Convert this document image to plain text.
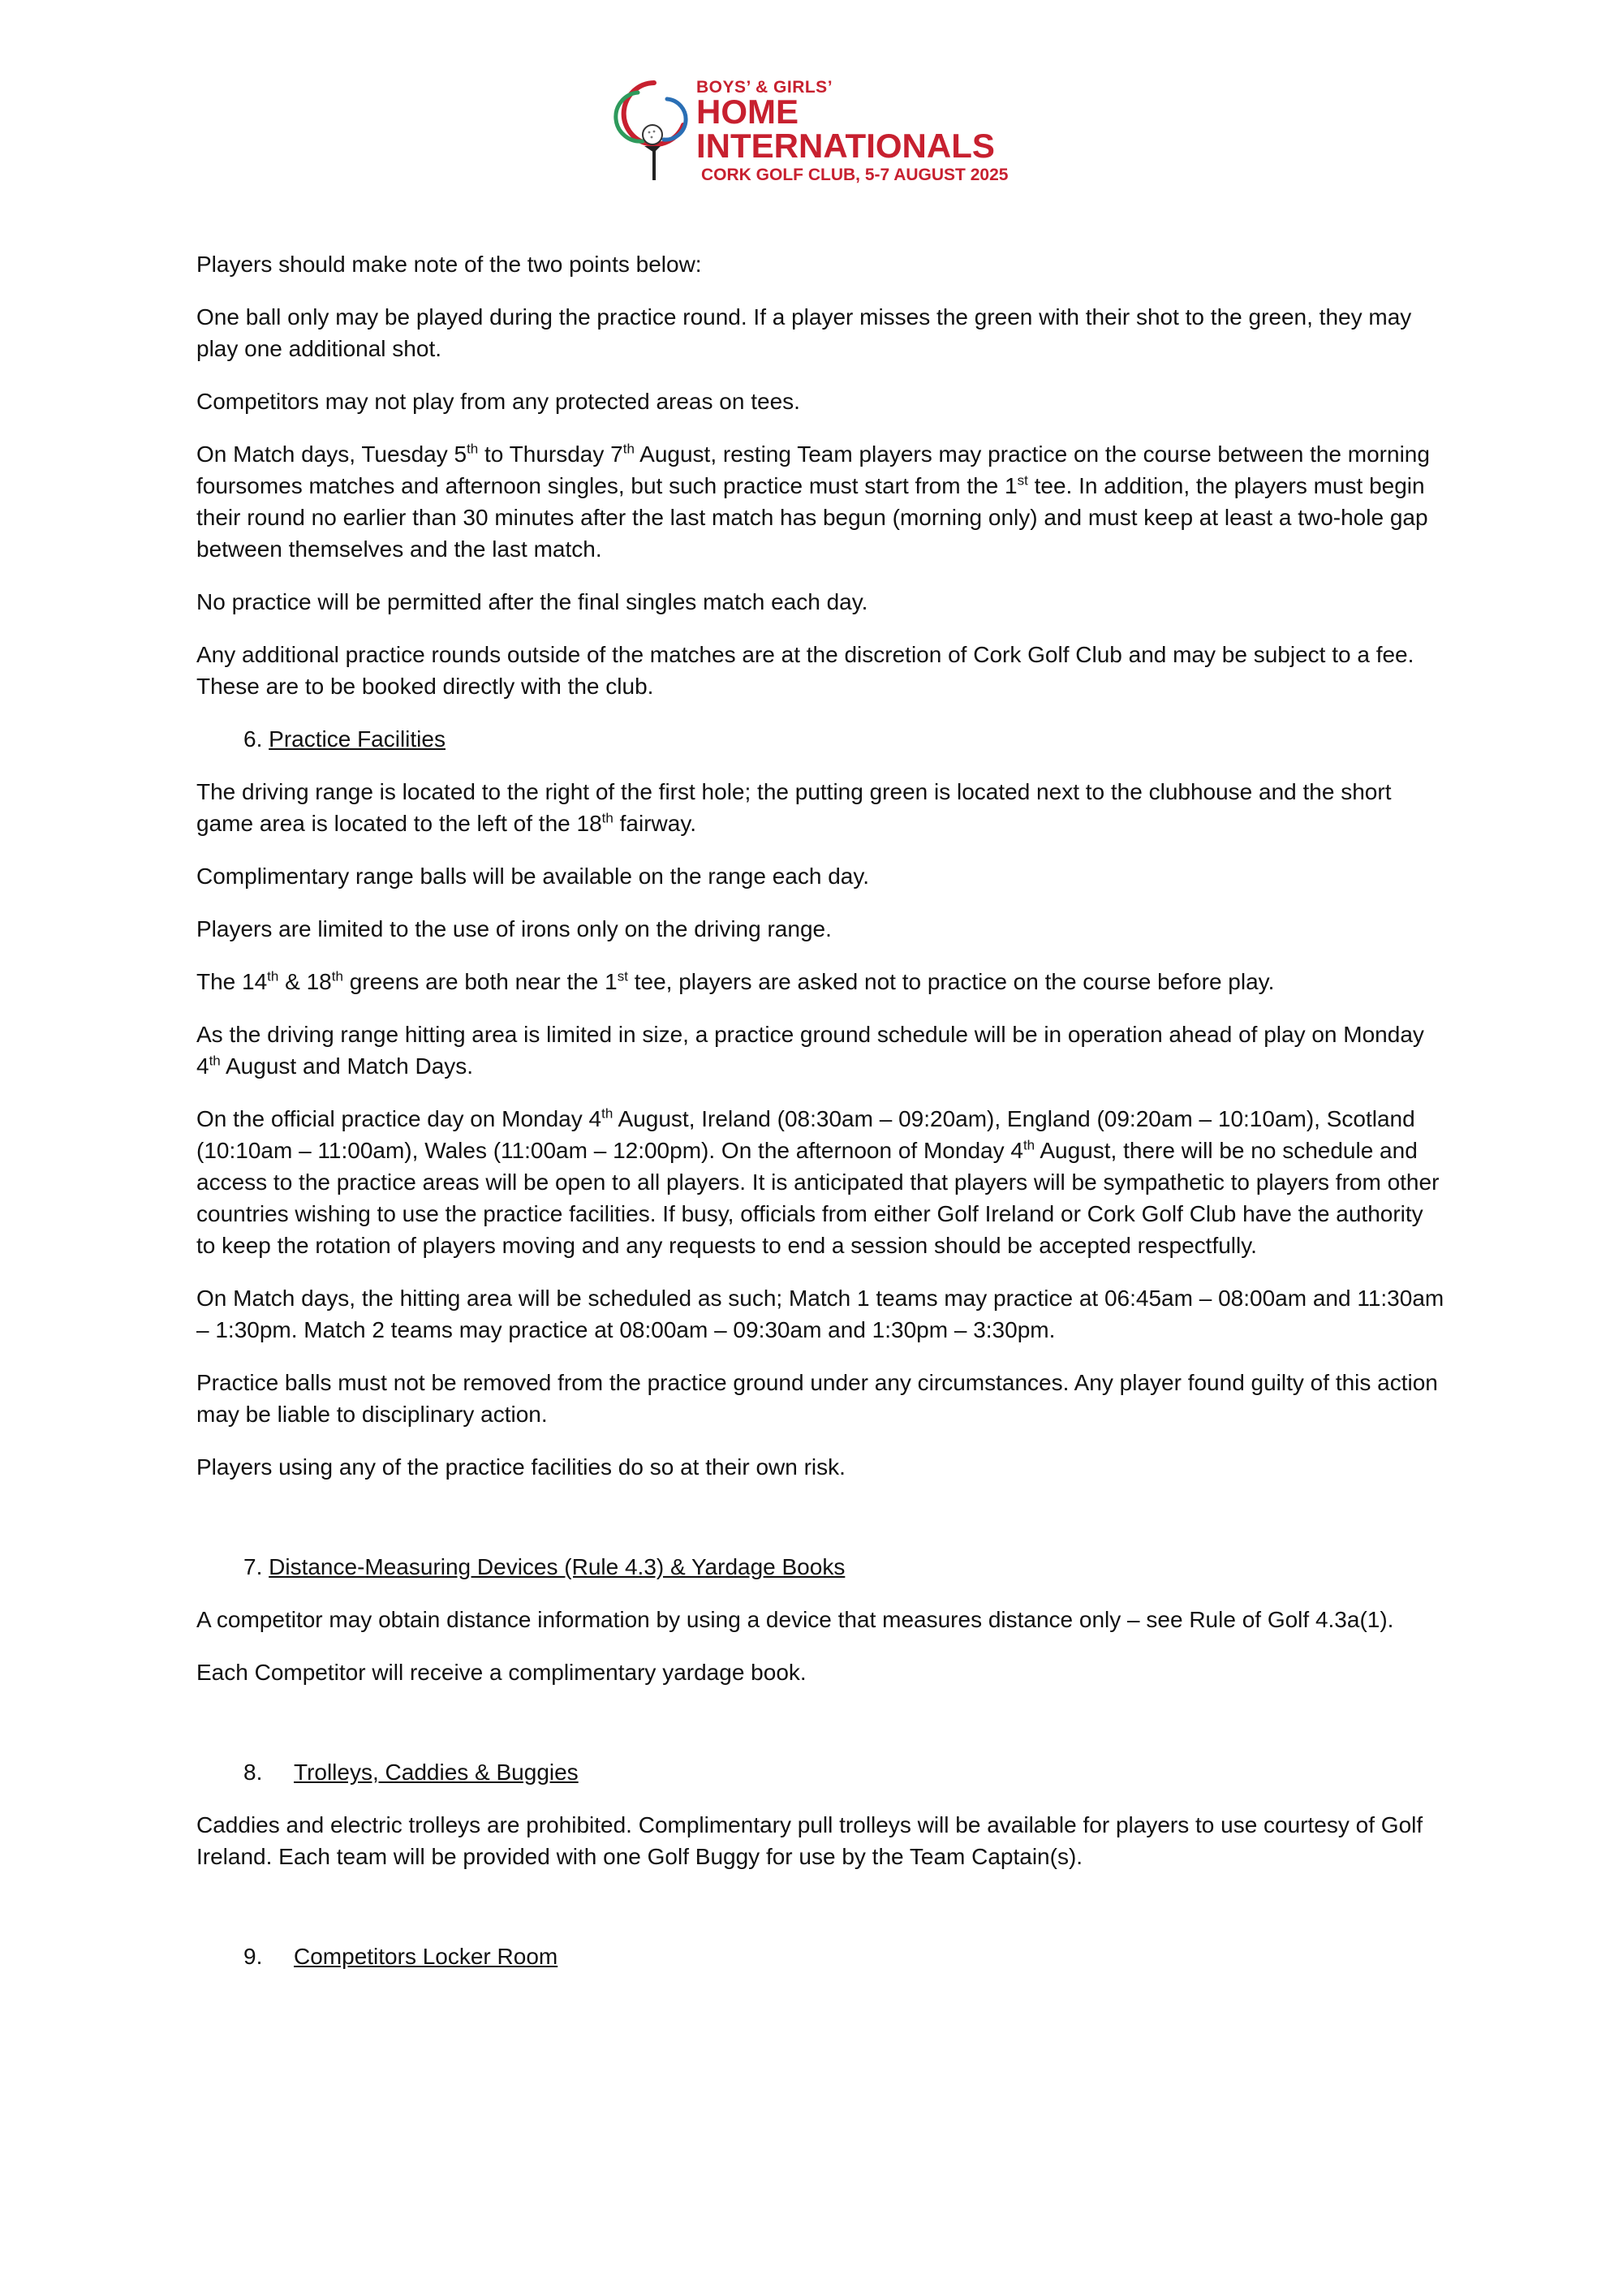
BOYS’ & GIRLS’
HOME
INTERNATIONALS
CORK GOLF CLUB, 5-7 AUGUST 2025

Players should make note of the two points below:

One ball only may be played during the practice round. If a player misses the green with their shot to the green, they may play one additional shot.

Competitors may not play from any protected areas on tees.

On Match days, Tuesday 5th to Thursday 7th August, resting Team players may practice on the course between the morning foursomes matches and afternoon singles, but such practice must start from the 1st tee. In addition, the players must begin their round no earlier than 30 minutes after the last match has begun (morning only) and must keep at least a two-hole gap between themselves and the last match.

No practice will be permitted after the final singles match each day.

Any additional practice rounds outside of the matches are at the discretion of Cork Golf Club and may be subject to a fee. These are to be booked directly with the club.

6. Practice Facilities

The driving range is located to the right of the first hole; the putting green is located next to the clubhouse and the short game area is located to the left of the 18th fairway.

Complimentary range balls will be available on the range each day.

Players are limited to the use of irons only on the driving range.

The 14th & 18th greens are both near the 1st tee, players are asked not to practice on the course before play.

As the driving range hitting area is limited in size, a practice ground schedule will be in operation ahead of play on Monday 4th August and Match Days.

On the official practice day on Monday 4th August, Ireland (08:30am – 09:20am), England (09:20am – 10:10am), Scotland (10:10am – 11:00am), Wales (11:00am – 12:00pm). On the afternoon of Monday 4th August, there will be no schedule and access to the practice areas will be open to all players. It is anticipated that players will be sympathetic to players from other countries wishing to use the practice facilities. If busy, officials from either Golf Ireland or Cork Golf Club have the authority to keep the rotation of players moving and any requests to end a session should be accepted respectfully.

On Match days, the hitting area will be scheduled as such; Match 1 teams may practice at 06:45am – 08:00am and 11:30am – 1:30pm. Match 2 teams may practice at 08:00am – 09:30am and 1:30pm – 3:30pm.

Practice balls must not be removed from the practice ground under any circumstances. Any player found guilty of this action may be liable to disciplinary action.

Players using any of the practice facilities do so at their own risk.

7. Distance-Measuring Devices (Rule 4.3) & Yardage Books

A competitor may obtain distance information by using a device that measures distance only – see Rule of Golf 4.3a(1).

Each Competitor will receive a complimentary yardage book.

8. Trolleys, Caddies & Buggies

Caddies and electric trolleys are prohibited. Complimentary pull trolleys will be available for players to use courtesy of Golf Ireland. Each team will be provided with one Golf Buggy for use by the Team Captain(s).

9. Competitors Locker Room
